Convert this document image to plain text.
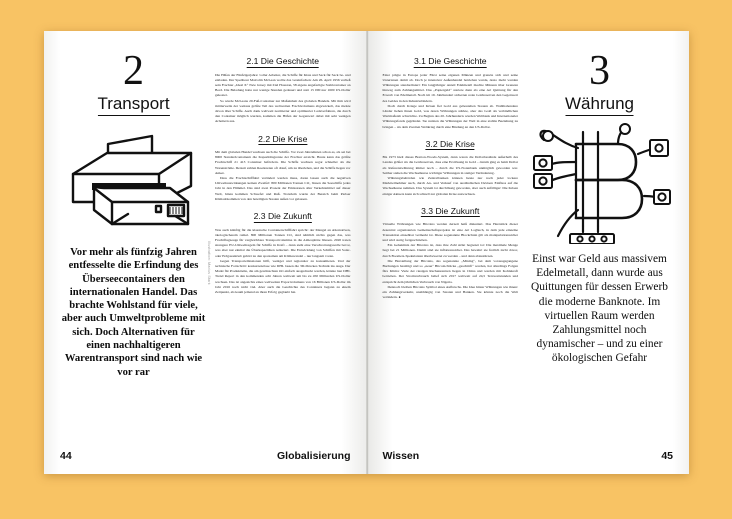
2
Transport
Vor mehr als fünfzig Jahren entfesselte die Erfindung des Überseecontainers den internationalen Handel. Das brachte Wohlstand für viele, aber auch Umweltprobleme mit sich. Doch Alternativen für einen nachhaltigeren Warentransport sind nach wie vor rar
Illustration: Marius Stark
2.1 Die Geschichte

Die Häfen der Fünfzigerjahre: voller Arbeiter, die Schiffe für Kiste und Sack für Sack be- und entladen. Der Spediteur Malcolm McLean wollte das vereinfachen: Am 26. April 1956 verließ sein Frachter „Ideal X“ New Jersey mit Ziel Houston, 58 eigens angefertigte Stahlcontainer an Bord. Die Beladung hatte nur wenige Stunden gedauert und statt 15 000 nur 1600 US-Dollar gekostet.

So wurde McLeans 20-Fuß-Container zur Maßeinheit des globalen Handels. Mit ihm wird mittlerweile der weitaus größte Teil des weltweiten Frachtvolumens abgewickelt, das meiste davon über Schiffe. Auch dank weltweit normierter und optimierter Ladeverfahren, die durch den Container möglich wurden, kommen die Häfen der Gegenwart dabei mit sehr wenigen Arbeitern aus.

2.2 Die Krise

Mit dem globalen Handel wuchsen auch die Schiffe. Vor zwei Jahrzehnten schon es, als sei bei 8000 Standardcontainern die Kapazitätsgrenze der Frachter erreicht. Heute kann das größte Frachtschiff 21 413 Container befördern. Die Schiffe wachsen sogar schneller als die Warenströme. Derzeit zahlen Reedereien oft drauf, um zu überleben, und die Schiffe liegen vor Anker.

Dass die Frachtschifffahrt verändert werden muss, daran lassen auch die negativen Umweltauswirkungen keinen Zweifel: 800 Millionen Tonnen CO₂ blasen die Seeschiffe jedes Jahr in den Himmel. Das sind zwei Prozent der Emissionen aller Verkehrsmittel auf dieser Welt, hinzu kommen Schwefel und Ruß. Trotzdem wurde der Bereich beim Pariser Klimaabkommen von den beteiligten Staaten außen vor gelassen.

2.3 Die Zukunft

Was auch künftig für die klassische Containerschifffahrt spricht: der Mangel an Alternativen, ökologischerem rumal. 800 Millionen Tonnen CO₂ sind nämlich nichts gegen das, was Frachtflugzeuge für vergleichbare Transportvolumina in die Atmosphäre bliesen. 2020 treten strengere EU-Umweltregeln für Schiffe in Kraft – dann steht eine Verschrottungswelle bevor, was aber nur einmal die Überkapazitäten reduziert. Die Entwicklung von Schiffen mit Solar- oder Erdgasantrieb gehört zu den sparsamen am Klimawandel – nur langsam voran.

Gegen Transportemissionen hilft, weniger und regionaler zu konsumieren. Und der technische Fortschritt: konkurrenzlose wie DHL lassen die 3D-Drucker-Technik ins Auge. Der Markt für Produktteile, die am gewünschten Ort einfach ausgedruckt werden, könnte laut DHL Trend Report in den kommenden acht Jahren weltweit um bis zu 450 Milliarden US-Dollar wachsen. Das ist angesichts eines weltweiten Exportvolumens von 16 Billionen US-Dollar im Jahr 2016 noch nicht viel. Aber auch die Geschichte des Containers begann zu einem Zeitpunkt, als kaum jemand an ihren Erfolg geglaubt hat.

44	Globalisierung
3.1 Die Geschichte

Einst prägte in Europa jeder Fürst seine eigenen Münzen und grenzte sich und seine Untertanen damit ab. Doch je intensiver Außenhandel betrieben wurde, desto mehr wurden Währungen standardisiert: Ein langjähriger Anteil Edelmetall machte Münzen über Grenzen hinweg zum Zahlungsmittel. Das „Papiergeld“ startete dann als eine Art Quittung für den Erwerb von Edelmetall. Noch im 19. Jahrhundert sicherten reale Goldreserven den Gegenwert des Geldes in den Industrieländern.

Doch durch Kriege und Krisen fiel Gold aus gebeutelten Staaten ab. Wohlhabendere Länder liehen ihnen Gold, was deren Währungen stärkte, aber das Gold als verbindlichen Wertmaßstab schwächte. Zu Beginn des 20. Jahrhunderts wurden Weltbank und Internationaler Währungsfonds gegründet. Sie nutzten die Währungen der Welt in eine stabile Beziehung zu bringen – als dem Zweiten Weltkrieg durch eine Bindung an den US-Dollar.

3.2 Die Krise

Bis 1973 hielt dieses Bretton-Woods-System, dann waren die Dollarbestände außerhalb des Landes größer als die Goldreserven, dass eine Erstlösung in Gold – darum ging es beim Dollar als Referenzwährung immer noch – durch die US-Notenbank unmöglich geworden war. Seither stehen die Wechselkurse wichtiger Währungen in stetiger Veränderung.

Währungsbehörden wie Zentralbanken können heute nur noch jeder lockere Marktteilnehmer auch, durch An- und Verkauf von ausländischen Devisen Einfluss auf die Wechselkurse nehmen. Das System ist durchlässig geworden, aber auch anfälliger: Die Krisen einiger Aktuers kann sich schnell zur globalen Krise auswachsen.

3.3 Die Zukunft

Virtuelle Währungen wie Bitcoins werden derzeit heiß diskutiert. Das Herzstück dieser dezentral organisierten Gemeinschaftsprojekte ist eine Art Logbuch, in dem jede einzelne Transaktion einsehbar vermerkt ist. Diese sogenannte Blockchain gilt als manipulationssicher und wird stetig fortgeschrieben.

Ein Geheimnis der Bitcoins ist, dass ihre Zahl strikt begrenzt ist: Die maximale Menge liegt bei 21 Millionen. Damit sind sie inflationssicher. Das bewahrt sie freilich nicht davor, durch Boomers-Spekulanten überbewertet zu werden – und dann abzustürzen.

Die Herstellung der Bitcoins, das sogenannte „Mining“, bei dem vorausgegangene Buchungen bestätigt und so „neue“ Bitcoin-Stücke „geschürft“ werden, hat allerdings Folgen fürs Klima: Viele der riesigen Rechenzentren liegen in China und werden mit Kohlekraft betrieben. Der Stromverbrauch belief sich 2017 weltweit auf 24,5 Terawattstunden und entspricht dem jährlichen Verbrauch von Nigeria.

Dennoch bleiben Bitcoins Symbol eines Aufbruchs. Die Idee hinter Währungen wie ihnen: ein Zahlungsverkehr, unabhängig von Staaten und Banken. Sie könnte noch die Welt verändern. ●

3
Währung
Einst war Geld aus massivem Edelmetall, dann wurde aus Quittungen für dessen Erwerb die moderne Banknote. Im virtuellen Raum werden Zahlungsmittel noch dynamischer – und zu einer ökologischen Gefahr
Wissen	45
